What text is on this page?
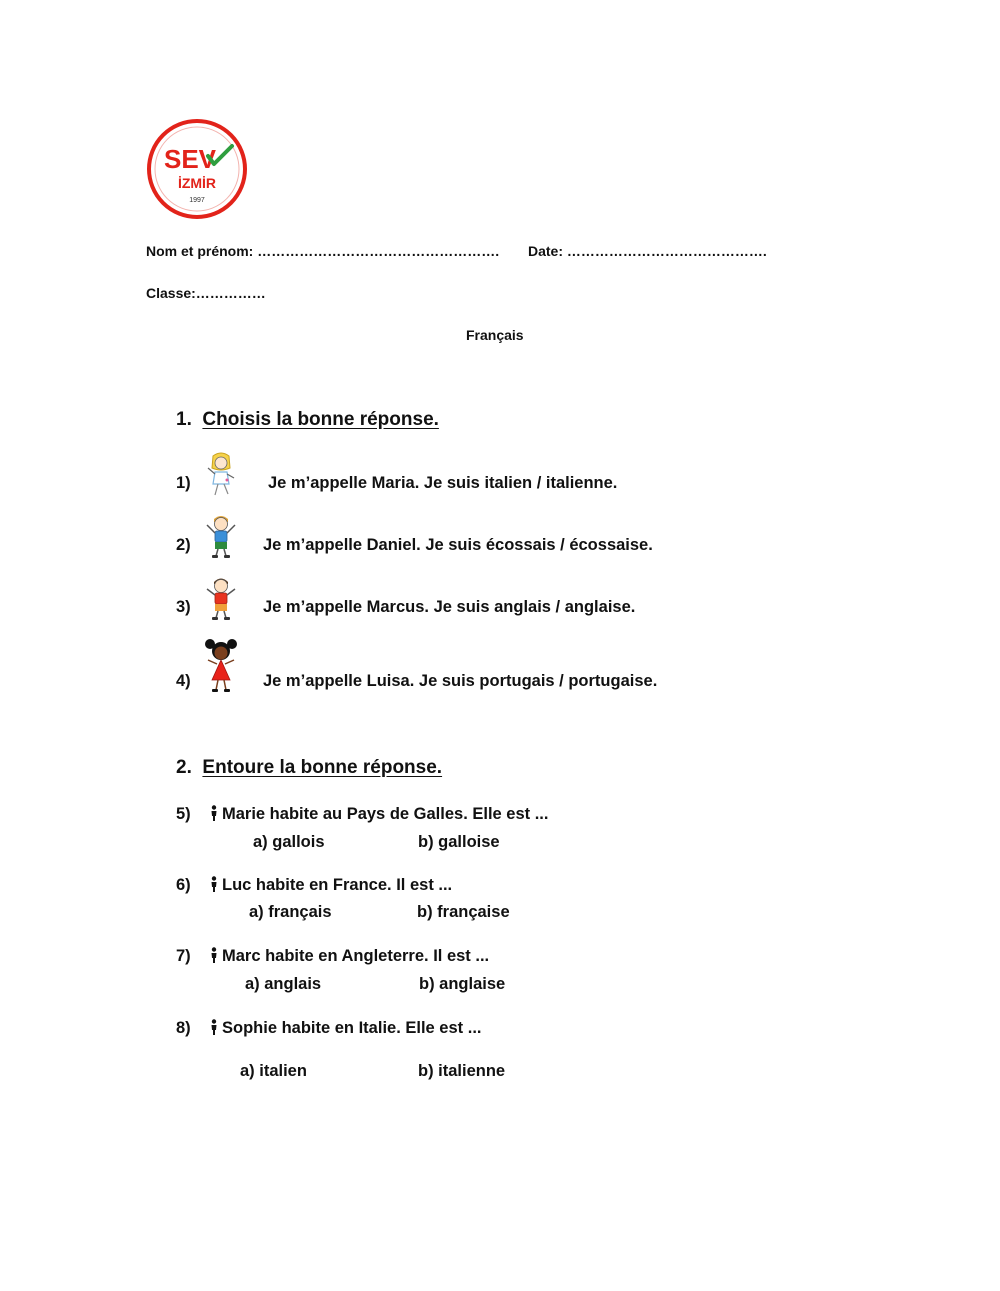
SEV
İZMİR
1997
Nom et prénom: ……………………………………………. Date: …………………………………….
Classe:……………
Français
1. Choisis la bonne réponse.
1)	Je m’appelle Maria. Je suis italien / italienne.
2)	Je m’appelle Daniel. Je suis écossais / écossaise.
3)	Je m’appelle Marcus. Je suis anglais / anglaise.
4)	Je m’appelle Luisa. Je suis portugais / portugaise.
2. Entoure la bonne réponse.
5)	Marie habite au Pays de Galles. Elle est ...
a) gallois	b) galloise
6)	Luc habite en France. Il est ...
a) français	b) française
7)	Marc habite en Angleterre. Il est ...
a) anglais	b) anglaise
8)	Sophie habite en Italie. Elle est ...
a) italien	b) italienne
